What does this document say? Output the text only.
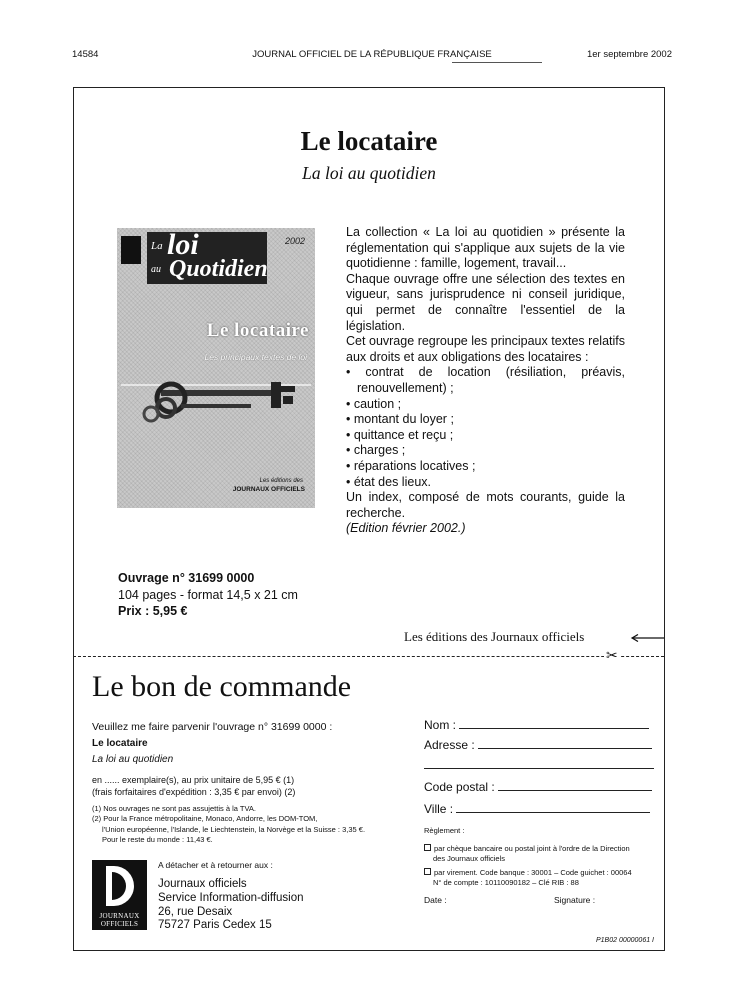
14584	JOURNAL OFFICIEL DE LA RÉPUBLIQUE FRANÇAISE	1er septembre 2002
Le locataire
La loi au quotidien
La loi
au Quotidien
2002
Le locataire
Les principaux textes de loi
Les éditions des
JOURNAUX OFFICIELS

La collection « La loi au quotidien » présente la réglementation qui s'applique aux sujets de la vie quotidienne : famille, logement, travail...

Chaque ouvrage offre une sélection des textes en vigueur, sans jurisprudence ni conseil juridique, qui permet de connaître l'essentiel de la législation.

Cet ouvrage regroupe les principaux textes relatifs aux droits et aux obligations des locataires :

• contrat de location (résiliation, préavis, renouvellement) ;
• caution ;
• montant du loyer ;
• quittance et reçu ;
• charges ;
• réparations locatives ;
• état des lieux.

Un index, composé de mots courants, guide la recherche.

(Edition février 2002.)

Ouvrage n° 31699 0000
104 pages - format 14,5 x 21 cm
Prix : 5,95 €
Les éditions des Journaux officiels
✂
Le bon de commande
Veuillez me faire parvenir l'ouvrage n° 31699 0000 :
Le locataire
La loi au quotidien
en ...... exemplaire(s), au prix unitaire de 5,95 € (1)
(frais forfaitaires d'expédition : 3,35 € par envoi) (2)
(1) Nos ouvrages ne sont pas assujettis à la TVA.
(2) Pour la France métropolitaine, Monaco, Andorre, les DOM-TOM,
l'Union européenne, l'Islande, le Liechtenstein, la Norvège et la Suisse : 3,35 €.
Pour le reste du monde : 11,43 €.
JOURNAUX
OFFICIELS
A détacher et à retourner aux :
Journaux officiels
Service Information-diffusion
26, rue Desaix
75727 Paris Cedex 15
Nom :
Adresse :
Code postal :
Ville :
Règlement :
par chèque bancaire ou postal joint à l'ordre de la Direction
des Journaux officiels
par virement. Code banque : 30001 – Code guichet : 00064
N° de compte : 10110090182 – Clé RIB : 88
Date :	Signature :
P1B02 00000061 I
